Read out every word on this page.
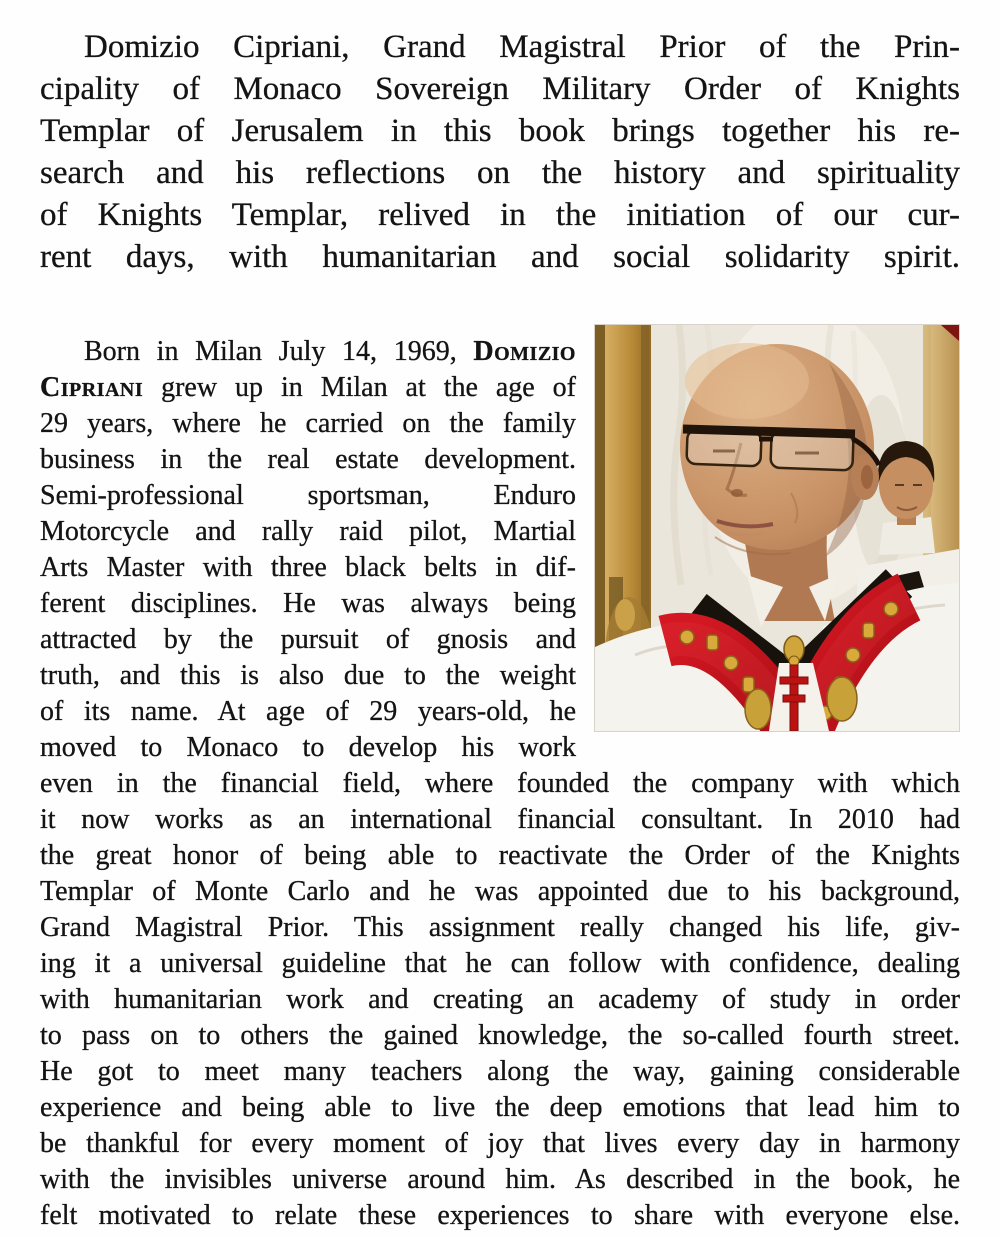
Domizio Cipriani, Grand Magistral Prior of the Prin-
cipality of Monaco Sovereign Military Order of Knights
Templar of Jerusalem in this book brings together his re-
search and his reflections on the history and spirituality
of Knights Templar, relived in the initiation of our cur-
rent days, with humanitarian and social solidarity spirit.
Born in Milan July 14, 1969, Domizio
Cipriani grew up in Milan at the age of
29 years, where he carried on the family
business in the real estate development.
Semi-professional sportsman, Enduro
Motorcycle and rally raid pilot, Martial
Arts Master with three black belts in dif-
ferent disciplines. He was always being
attracted by the pursuit of gnosis and
truth, and this is also due to the weight
of its name. At age of 29 years-old, he
moved to Monaco to develop his work
even in the financial field, where founded the company with which
it now works as an international financial consultant. In 2010 had
the great honor of being able to reactivate the Order of the Knights
Templar of Monte Carlo and he was appointed due to his background,
Grand Magistral Prior. This assignment really changed his life, giv-
ing it a universal guideline that he can follow with confidence, dealing
with humanitarian work and creating an academy of study in order
to pass on to others the gained knowledge, the so-called fourth street.
He got to meet many teachers along the way, gaining considerable
experience and being able to live the deep emotions that lead him to
be thankful for every moment of joy that lives every day in harmony
with the invisibles universe around him. As described in the book, he
felt motivated to relate these experiences to share with everyone else.
